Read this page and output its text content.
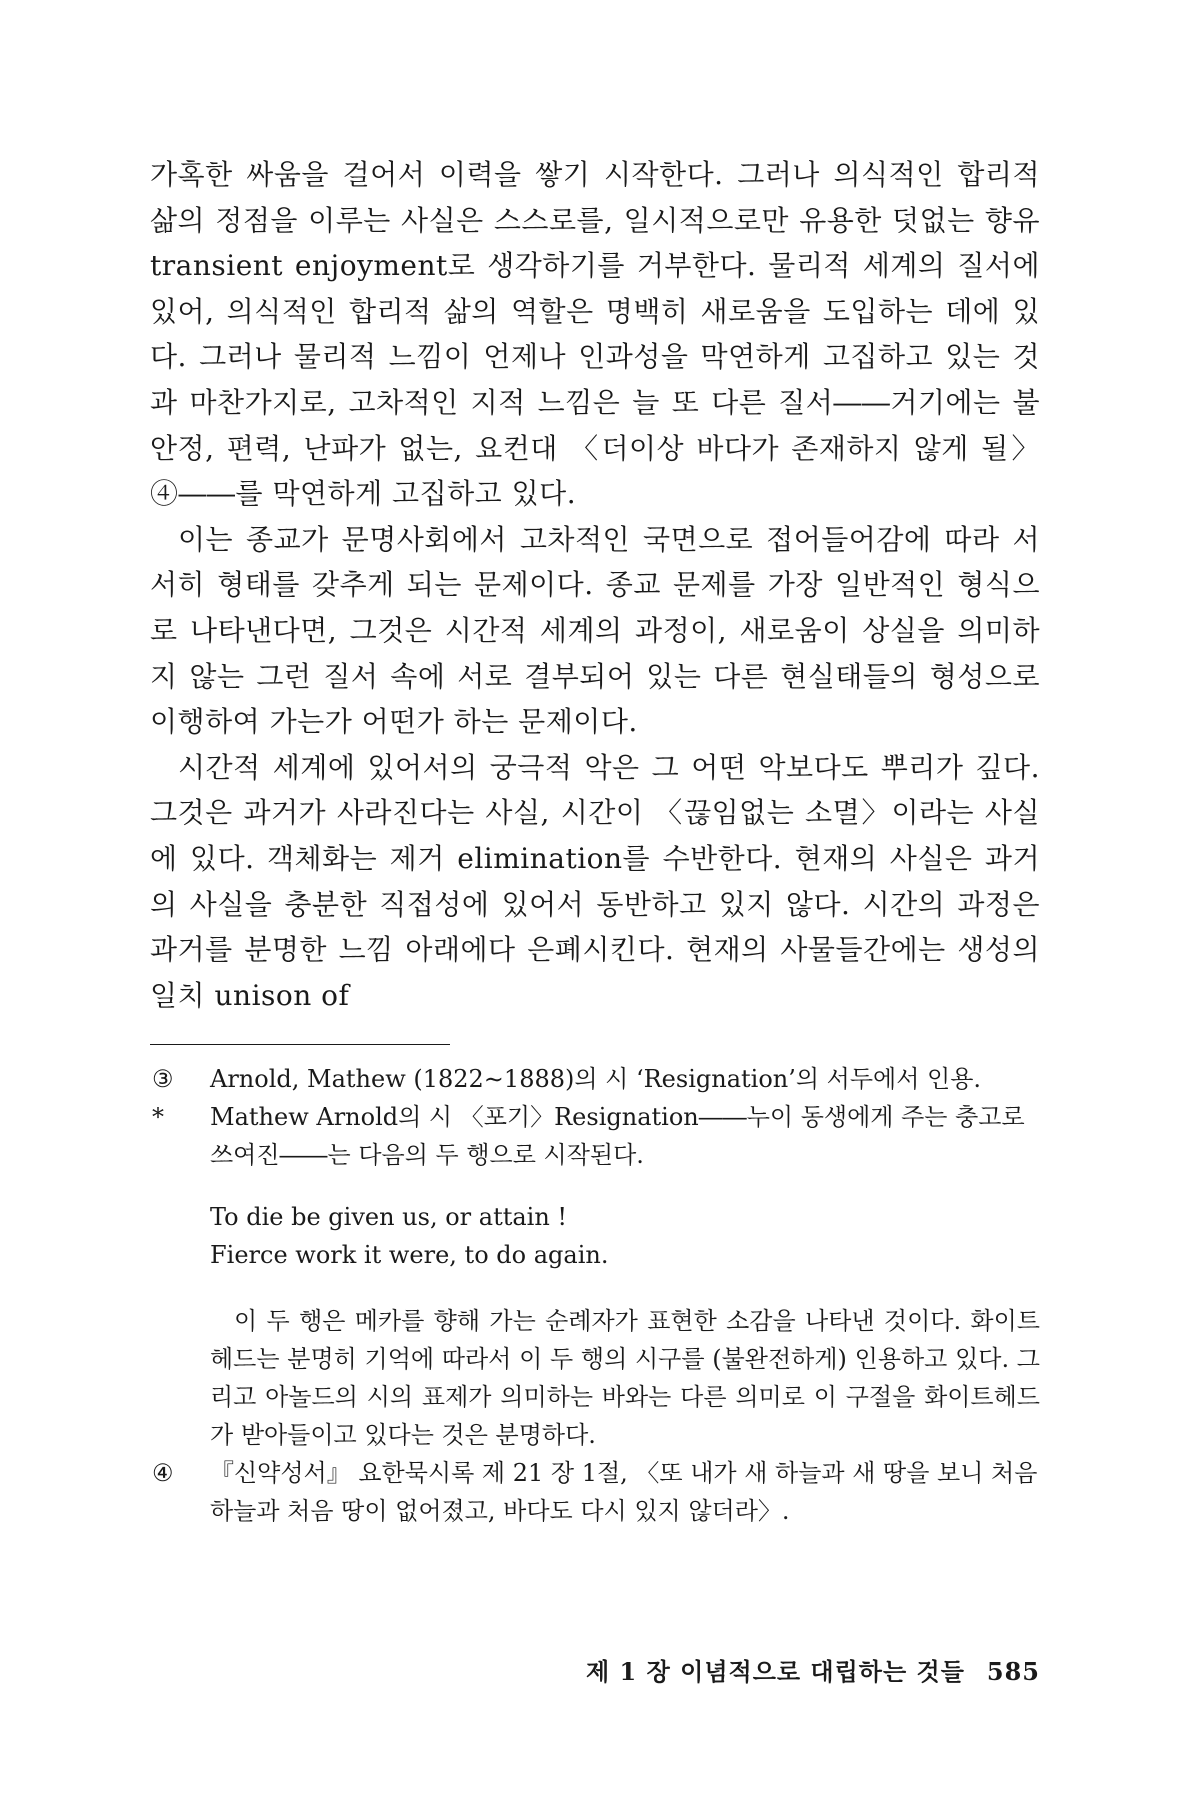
가혹한 싸움을 걸어서 이력을 쌓기 시작한다. 그러나 의식적인 합리적 삶의 정점을 이루는 사실은 스스로를, 일시적으로만 유용한 덧없는 향유 transient enjoyment로 생각하기를 거부한다. 물리적 세계의 질서에 있어, 의식적인 합리적 삶의 역할은 명백히 새로움을 도입하는 데에 있다. 그러나 물리적 느낌이 언제나 인과성을 막연하게 고집하고 있는 것과 마찬가지로, 고차적인 지적 느낌은 늘 또 다른 질서――거기에는 불안정, 편력, 난파가 없는, 요컨대 〈더이상 바다가 존재하지 않게 될〉④――를 막연하게 고집하고 있다.

이는 종교가 문명사회에서 고차적인 국면으로 접어들어감에 따라 서서히 형태를 갖추게 되는 문제이다. 종교 문제를 가장 일반적인 형식으로 나타낸다면, 그것은 시간적 세계의 과정이, 새로움이 상실을 의미하지 않는 그런 질서 속에 서로 결부되어 있는 다른 현실태들의 형성으로 이행하여 가는가 어떤가 하는 문제이다.

시간적 세계에 있어서의 궁극적 악은 그 어떤 악보다도 뿌리가 깊다. 그것은 과거가 사라진다는 사실, 시간이 〈끊임없는 소멸〉이라는 사실에 있다. 객체화는 제거 elimination를 수반한다. 현재의 사실은 과거의 사실을 충분한 직접성에 있어서 동반하고 있지 않다. 시간의 과정은 과거를 분명한 느낌 아래에다 은폐시킨다. 현재의 사물들간에는 생성의 일치 unison of

③	Arnold, Mathew (1822∼1888)의 시 ‘Resignation’의 서두에서 인용.

*	Mathew Arnold의 시 〈포기〉Resignation――누이 동생에게 주는 충고로 쓰여진――는 다음의 두 행으로 시작된다.

To die be given us, or attain !

Fierce work it were, to do again.

이 두 행은 메카를 향해 가는 순례자가 표현한 소감을 나타낸 것이다. 화이트헤드는 분명히 기억에 따라서 이 두 행의 시구를 (불완전하게) 인용하고 있다. 그리고 아놀드의 시의 표제가 의미하는 바와는 다른 의미로 이 구절을 화이트헤드가 받아들이고 있다는 것은 분명하다.

④	『신약성서』 요한묵시록 제 21 장 1절, 〈또 내가 새 하늘과 새 땅을 보니 처음 하늘과 처음 땅이 없어졌고, 바다도 다시 있지 않더라〉.

제 1 장 이념적으로 대립하는 것들 585
